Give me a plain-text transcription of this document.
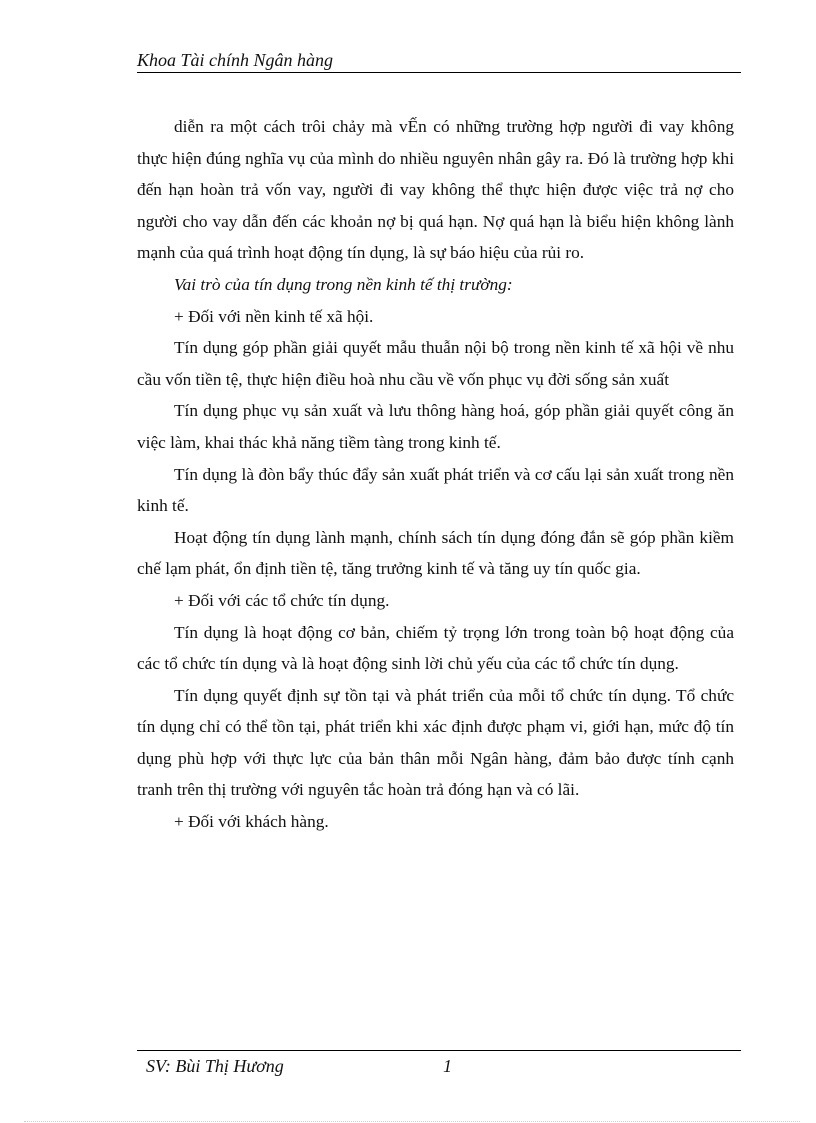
Khoa Tài chính Ngân hàng

diễn ra một cách trôi chảy mà vẾn có những trường hợp người đi vay không thực hiện đúng nghĩa vụ của mình do nhiều nguyên nhân gây ra. Đó là trường hợp khi đến hạn hoàn trả vốn vay, người đi vay không thể thực hiện được việc trả nợ cho người cho vay dẫn đến các khoản nợ bị quá hạn. Nợ quá hạn là biểu hiện không lành mạnh của quá trình hoạt động tín dụng, là sự báo hiệu của rủi ro.

Vai trò của tín dụng trong nền kinh tế thị trường:

+ Đối với nền kinh tế xã hội.

Tín dụng góp phần giải quyết mẫu thuẫn nội bộ trong nền kinh tế xã hội về nhu cầu vốn tiền tệ, thực hiện điều hoà nhu cầu về vốn phục vụ đời sống sản xuất

Tín dụng phục vụ sản xuất và lưu thông hàng hoá, góp phần giải quyết công ăn việc làm, khai thác khả năng tiềm tàng trong kinh tế.

Tín dụng là đòn bẩy thúc đẩy sản xuất phát triển và cơ cấu lại sản xuất trong nền kinh tế.

Hoạt động tín dụng lành mạnh, chính sách tín dụng đóng đắn sẽ góp phần kiềm chế lạm phát, ổn định tiền tệ, tăng trưởng kinh tế và tăng uy tín quốc gia.

+ Đối với các tổ chức tín dụng.

Tín dụng là hoạt động cơ bản, chiếm tỷ trọng lớn trong toàn bộ hoạt động của các tổ chức tín dụng và là hoạt động sinh lời chủ yếu của các tổ chức tín dụng.

Tín dụng quyết định sự tồn tại và phát triển của mỗi tổ chức tín dụng. Tổ chức tín dụng chỉ có thể tồn tại, phát triển khi xác định được phạm vi, giới hạn, mức độ tín dụng phù hợp với thực lực của bản thân mỗi Ngân hàng, đảm bảo được tính cạnh tranh trên thị trường với nguyên tắc hoàn trả đóng hạn và có lãi.

+ Đối với khách hàng.

SV: Bùi Thị Hương	1
